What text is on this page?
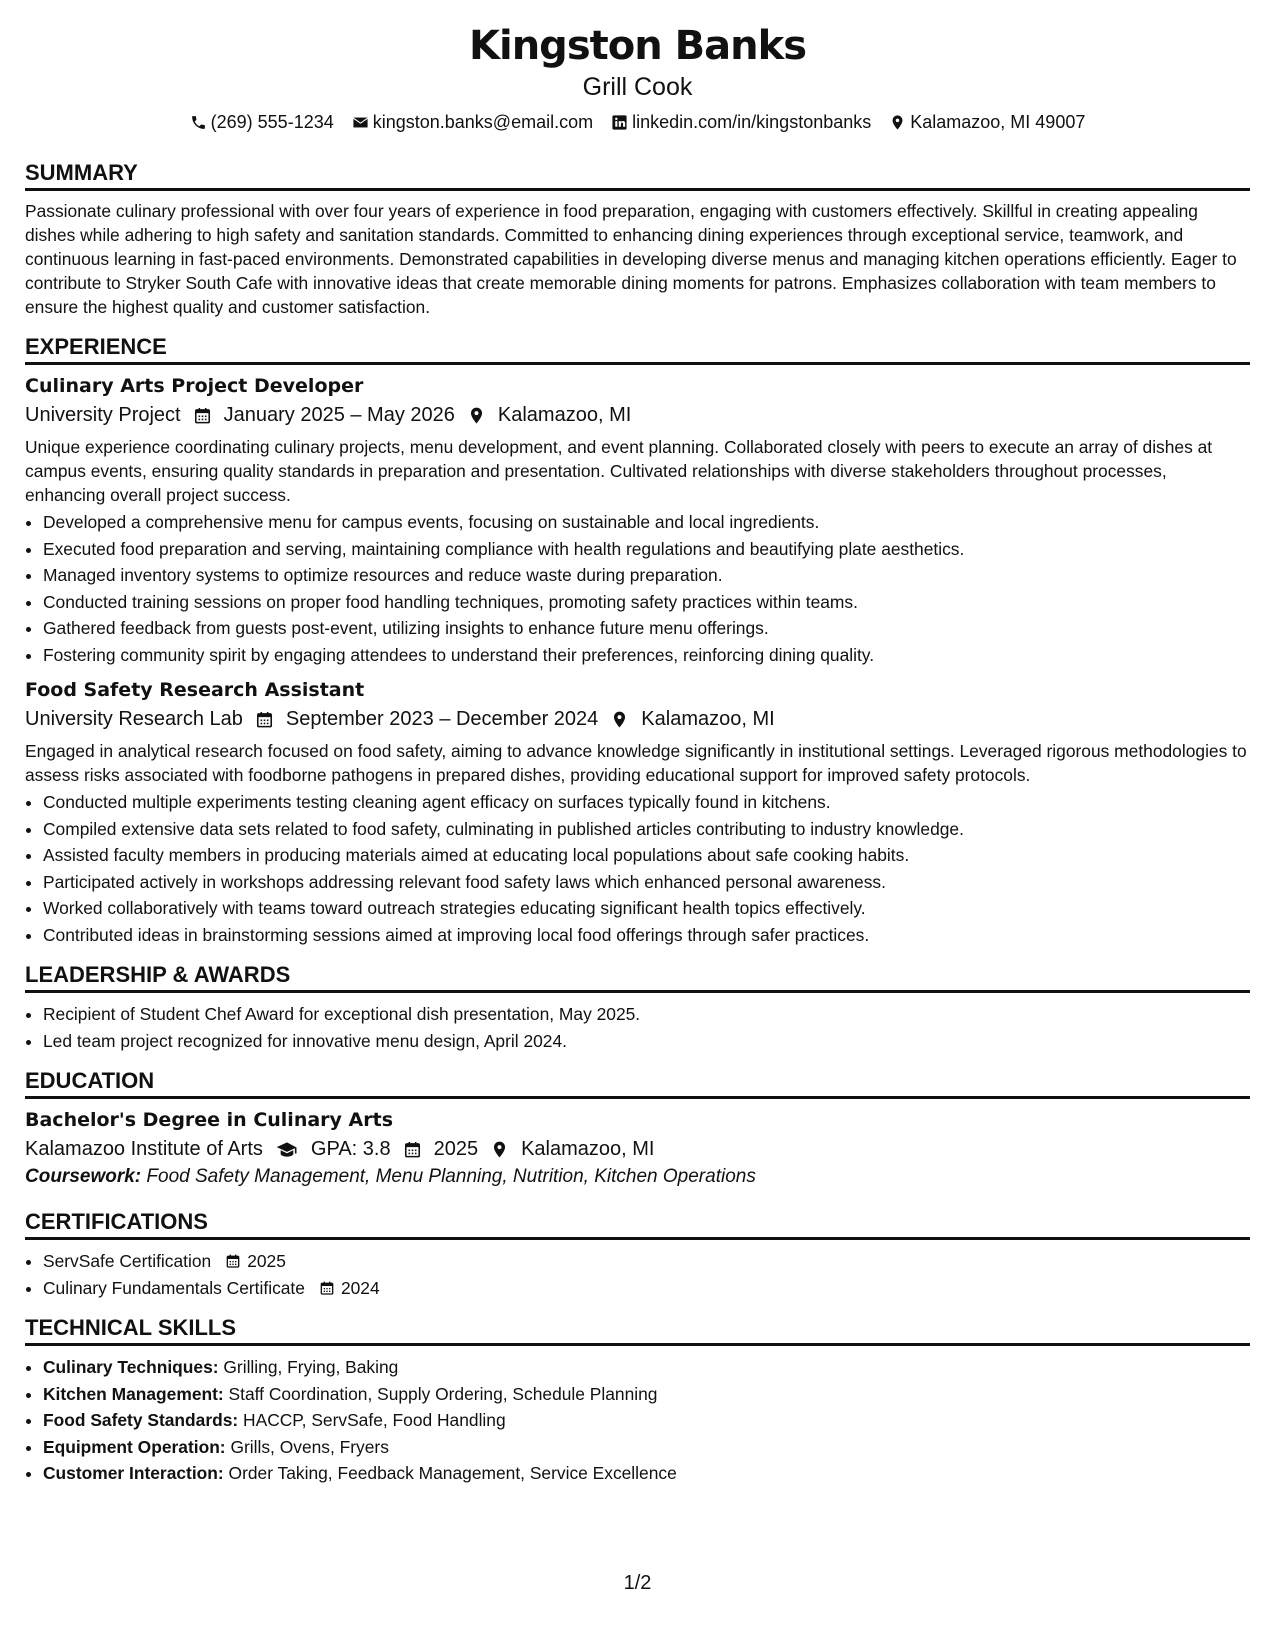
Kingston Banks
Grill Cook
(269) 555-1234 kingston.banks@email.com linkedin.com/in/kingstonbanks Kalamazoo, MI 49007
SUMMARY

Passionate culinary professional with over four years of experience in food preparation, engaging with customers effectively. Skillful in creating appealing dishes while adhering to high safety and sanitation standards. Committed to enhancing dining experiences through exceptional service, teamwork, and continuous learning in fast-paced environments. Demonstrated capabilities in developing diverse menus and managing kitchen operations efficiently. Eager to contribute to Stryker South Cafe with innovative ideas that create memorable dining moments for patrons. Emphasizes collaboration with team members to ensure the highest quality and customer satisfaction.

EXPERIENCE
Culinary Arts Project Developer
University Project January 2025 – May 2026 Kalamazoo, MI

Unique experience coordinating culinary projects, menu development, and event planning. Collaborated closely with peers to execute an array of dishes at campus events, ensuring quality standards in preparation and presentation. Cultivated relationships with diverse stakeholders throughout processes, enhancing overall project success.

• Developed a comprehensive menu for campus events, focusing on sustainable and local ingredients.
• Executed food preparation and serving, maintaining compliance with health regulations and beautifying plate aesthetics.
• Managed inventory systems to optimize resources and reduce waste during preparation.
• Conducted training sessions on proper food handling techniques, promoting safety practices within teams.
• Gathered feedback from guests post-event, utilizing insights to enhance future menu offerings.
• Fostering community spirit by engaging attendees to understand their preferences, reinforcing dining quality.
Food Safety Research Assistant
University Research Lab September 2023 – December 2024 Kalamazoo, MI

Engaged in analytical research focused on food safety, aiming to advance knowledge significantly in institutional settings. Leveraged rigorous methodologies to assess risks associated with foodborne pathogens in prepared dishes, providing educational support for improved safety protocols.

• Conducted multiple experiments testing cleaning agent efficacy on surfaces typically found in kitchens.
• Compiled extensive data sets related to food safety, culminating in published articles contributing to industry knowledge.
• Assisted faculty members in producing materials aimed at educating local populations about safe cooking habits.
• Participated actively in workshops addressing relevant food safety laws which enhanced personal awareness.
• Worked collaboratively with teams toward outreach strategies educating significant health topics effectively.
• Contributed ideas in brainstorming sessions aimed at improving local food offerings through safer practices.
LEADERSHIP & AWARDS
• Recipient of Student Chef Award for exceptional dish presentation, May 2025.
• Led team project recognized for innovative menu design, April 2024.
EDUCATION
Bachelor's Degree in Culinary Arts
Kalamazoo Institute of Arts GPA: 3.8 2025 Kalamazoo, MI
Coursework: Food Safety Management, Menu Planning, Nutrition, Kitchen Operations
CERTIFICATIONS
• ServSafe Certification 2025
• Culinary Fundamentals Certificate 2024
TECHNICAL SKILLS
• Culinary Techniques: Grilling, Frying, Baking
• Kitchen Management: Staff Coordination, Supply Ordering, Schedule Planning
• Food Safety Standards: HACCP, ServSafe, Food Handling
• Equipment Operation: Grills, Ovens, Fryers
• Customer Interaction: Order Taking, Feedback Management, Service Excellence
1/2
